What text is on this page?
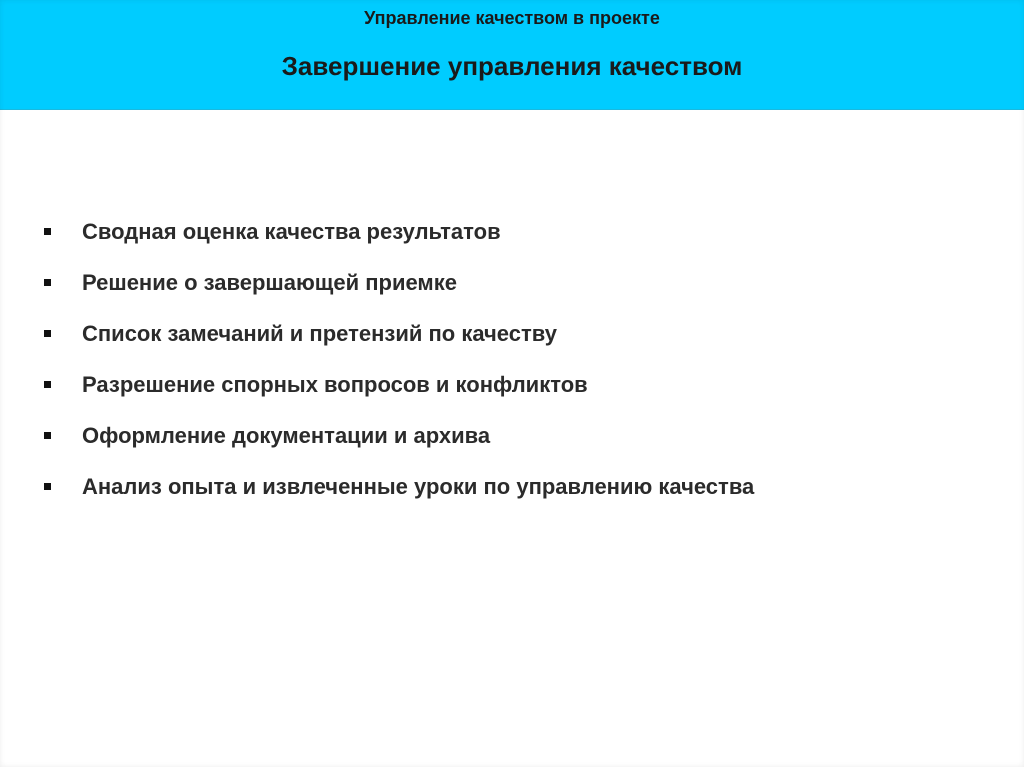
Управление качеством в проекте
Завершение управления качеством
Сводная оценка качества результатов
Решение о завершающей приемке
Список замечаний и претензий по качеству
Разрешение спорных вопросов и конфликтов
Оформление документации и архива
Анализ опыта и извлеченные уроки по управлению качества
